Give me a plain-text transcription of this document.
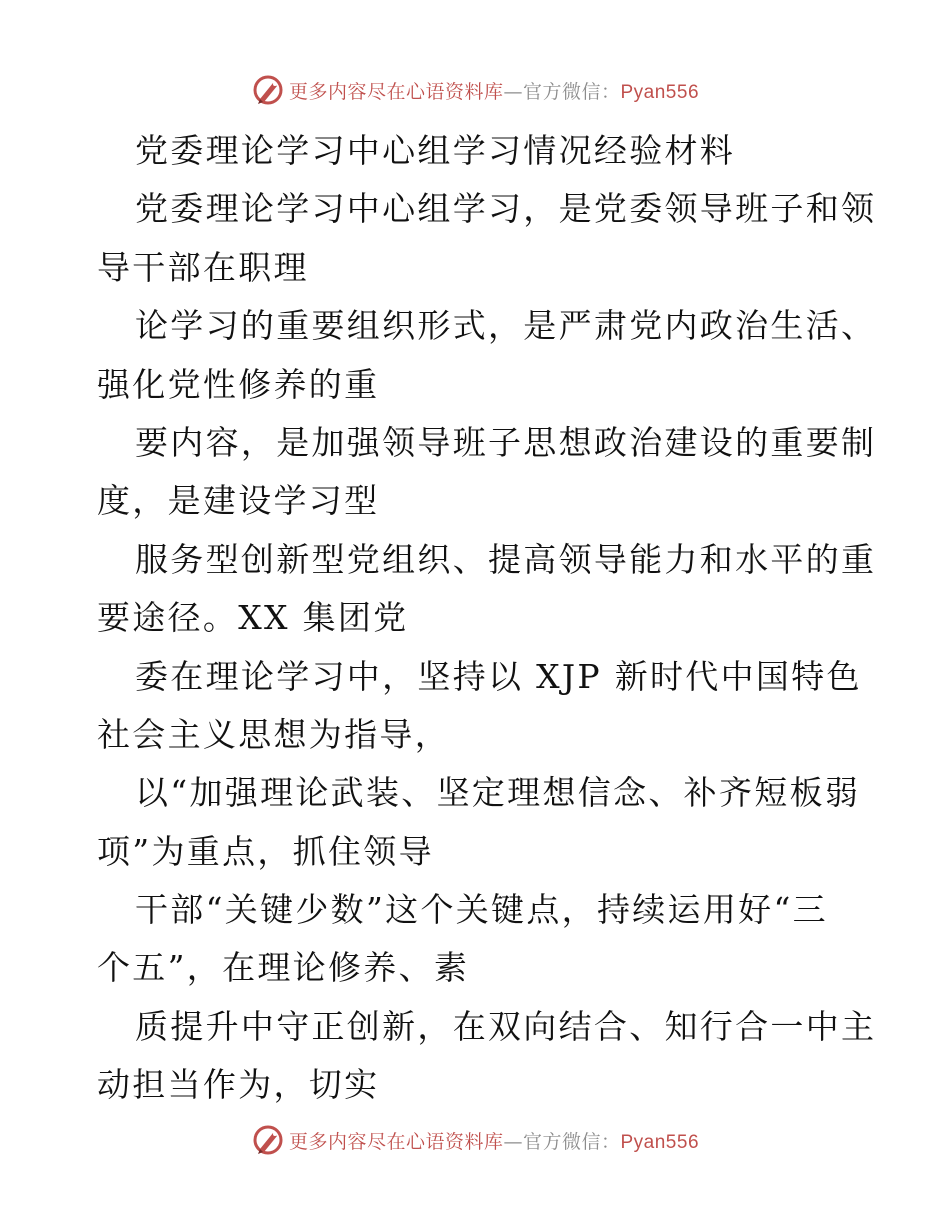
更多内容尽在心语资料库—官方微信：Pyan556
党委理论学习中心组学习情况经验材料
党委理论学习中心组学习，是党委领导班子和领
导干部在职理
论学习的重要组织形式，是严肃党内政治生活、
强化党性修养的重
要内容，是加强领导班子思想政治建设的重要制
度，是建设学习型
服务型创新型党组织、提高领导能力和水平的重
要途径。XX 集团党
委在理论学习中，坚持以 XJP 新时代中国特色
社会主义思想为指导，
以“加强理论武装、坚定理想信念、补齐短板弱
项”为重点，抓住领导
干部“关键少数”这个关键点，持续运用好“三
个五”，在理论修养、素
质提升中守正创新，在双向结合、知行合一中主
动担当作为，切实
更多内容尽在心语资料库—官方微信：Pyan556
